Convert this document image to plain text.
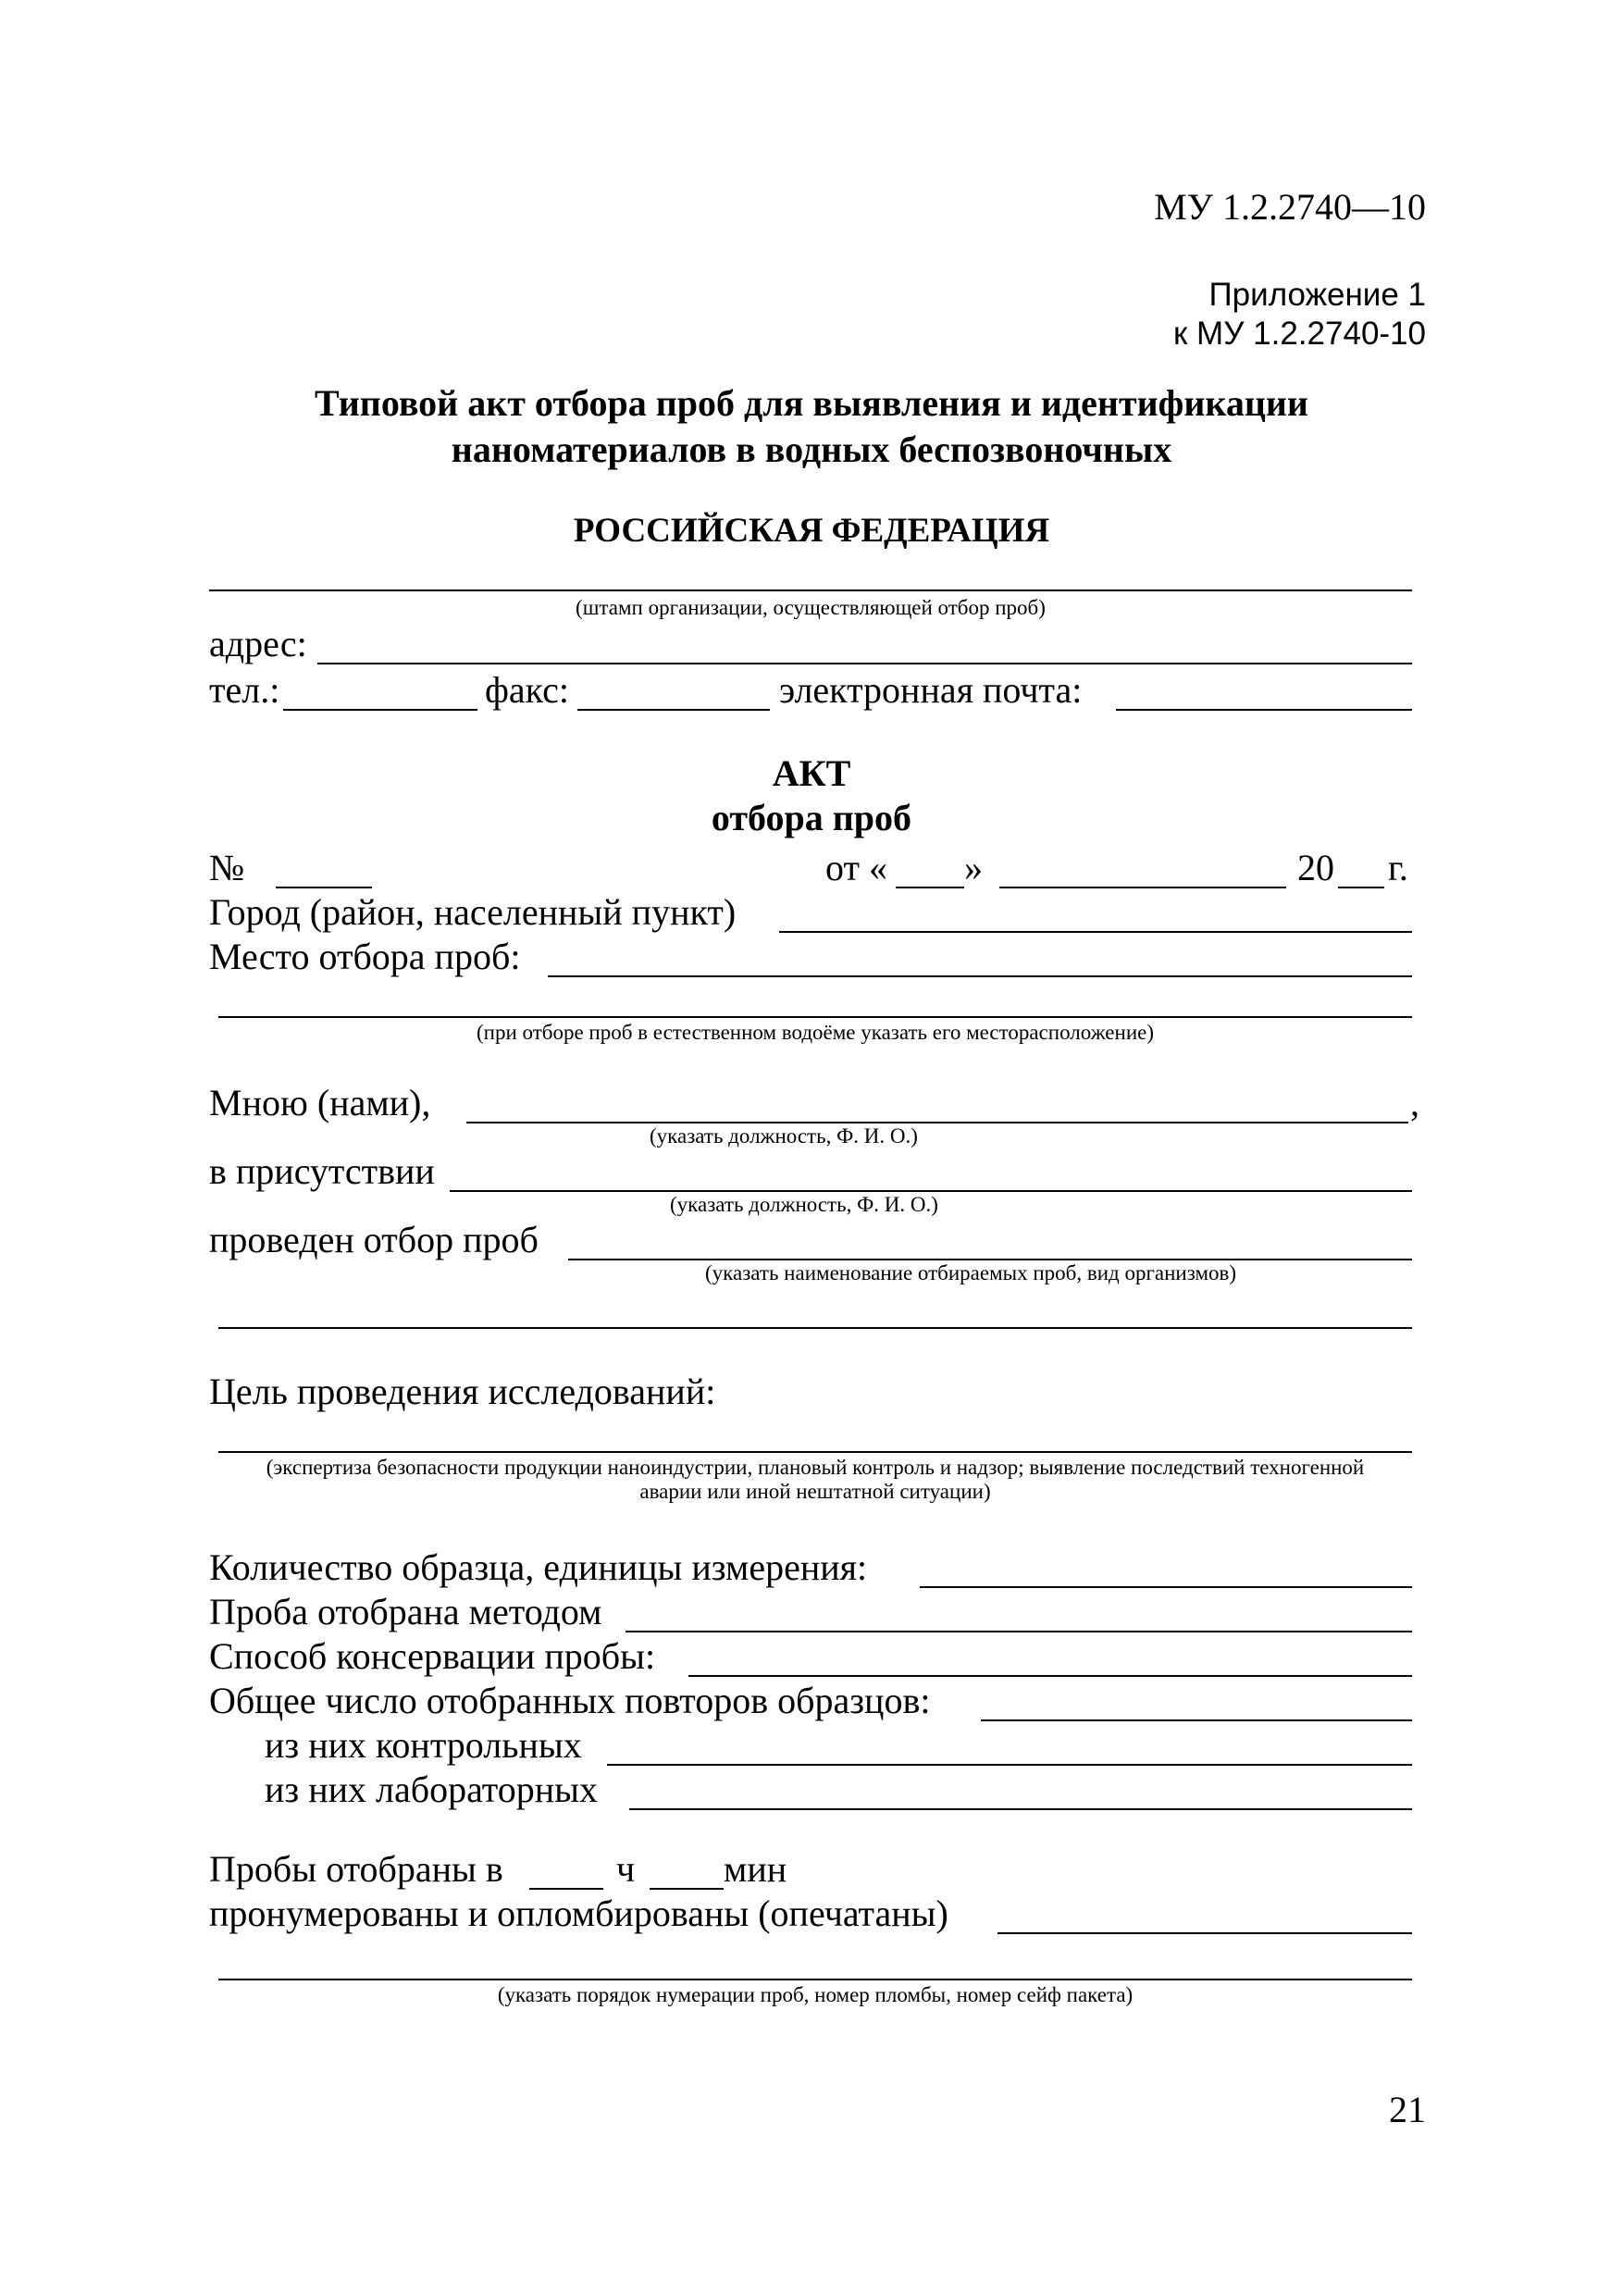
МУ 1.2.2740—10
Приложение 1
к МУ 1.2.2740-10
Типовой акт отбора проб для выявления и идентификации
наноматериалов в водных беспозвоночных
РОССИЙСКАЯ ФЕДЕРАЦИЯ
(штамп организации, осуществляющей отбор проб)
адрес:
тел.:	факс:	электронная почта:
АКТ
отбора проб
№	от « »	20 г.
Город (район, населенный пункт)
Место отбора проб:
(при отборе проб в естественном водоёме указать его месторасположение)
Мною (нами),	,
(указать должность, Ф. И. О.)
в присутствии
(указать должность, Ф. И. О.)
проведен отбор проб
(указать наименование отбираемых проб, вид организмов)
Цель проведения исследований:
(экспертиза безопасности продукции наноиндустрии, плановый контроль и надзор; выявление последствий техногенной
аварии или иной нештатной ситуации)
Количество образца, единицы измерения:
Проба отобрана методом
Способ консервации пробы:
Общее число отобранных повторов образцов:
из них контрольных
из них лабораторных
Пробы отобраны в	ч мин
пронумерованы и опломбированы (опечатаны)
(указать порядок нумерации проб, номер пломбы, номер сейф пакета)
21
